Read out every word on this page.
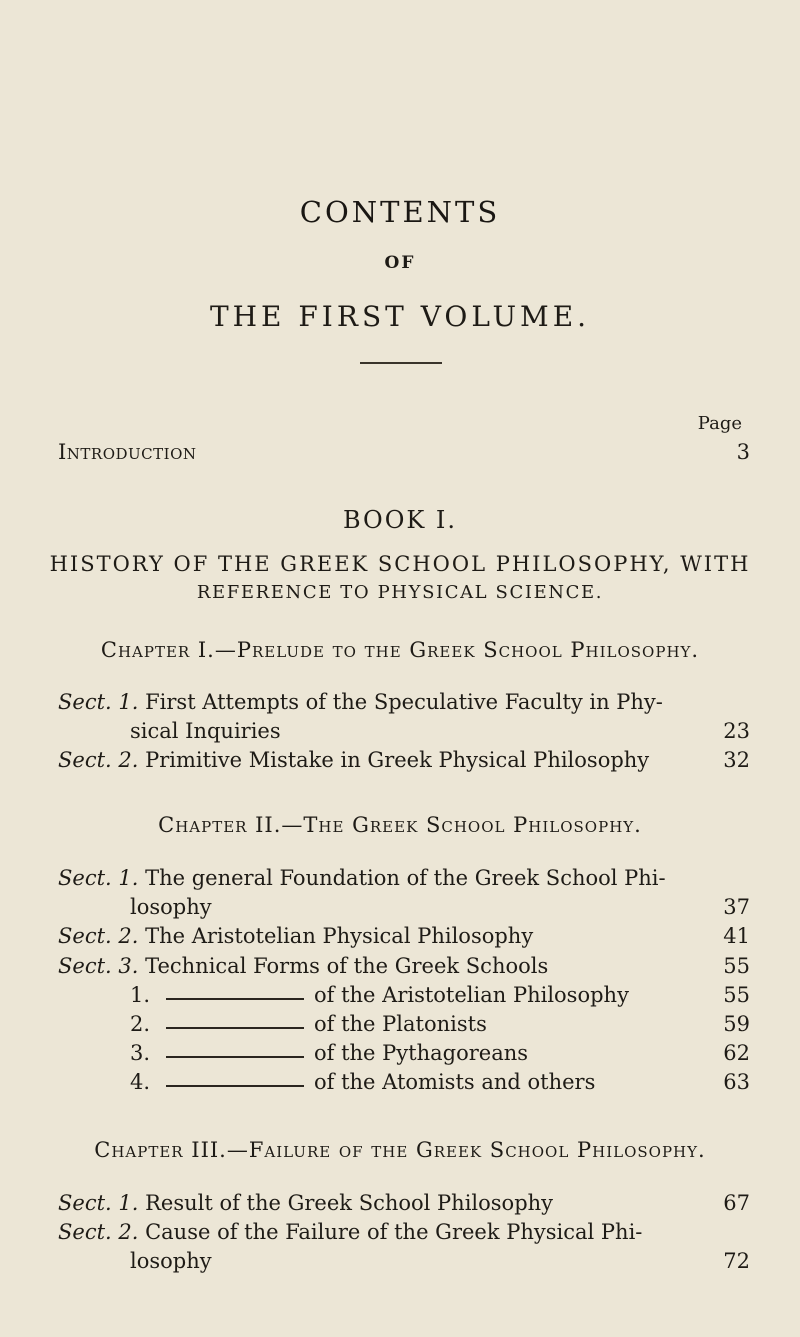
CONTENTS
OF
THE FIRST VOLUME.
Page
Introduction	3
BOOK I.
HISTORY OF THE GREEK SCHOOL PHILOSOPHY, WITH
REFERENCE TO PHYSICAL SCIENCE.
Chapter I.—Prelude to the Greek School Philosophy.
Sect. 1. First Attempts of the Speculative Faculty in Phy-
sical Inquiries	23
Sect. 2. Primitive Mistake in Greek Physical Philosophy	32
Chapter II.—The Greek School Philosophy.
Sect. 1. The general Foundation of the Greek School Phi-
losophy	37
Sect. 2. The Aristotelian Physical Philosophy	41
Sect. 3. Technical Forms of the Greek Schools	55
1.	of the Aristotelian Philosophy	55
2.	of the Platonists	59
3.	of the Pythagoreans	62
4.	of the Atomists and others	63
Chapter III.—Failure of the Greek School Philosophy.
Sect. 1. Result of the Greek School Philosophy	67
Sect. 2. Cause of the Failure of the Greek Physical Phi-
losophy	72
